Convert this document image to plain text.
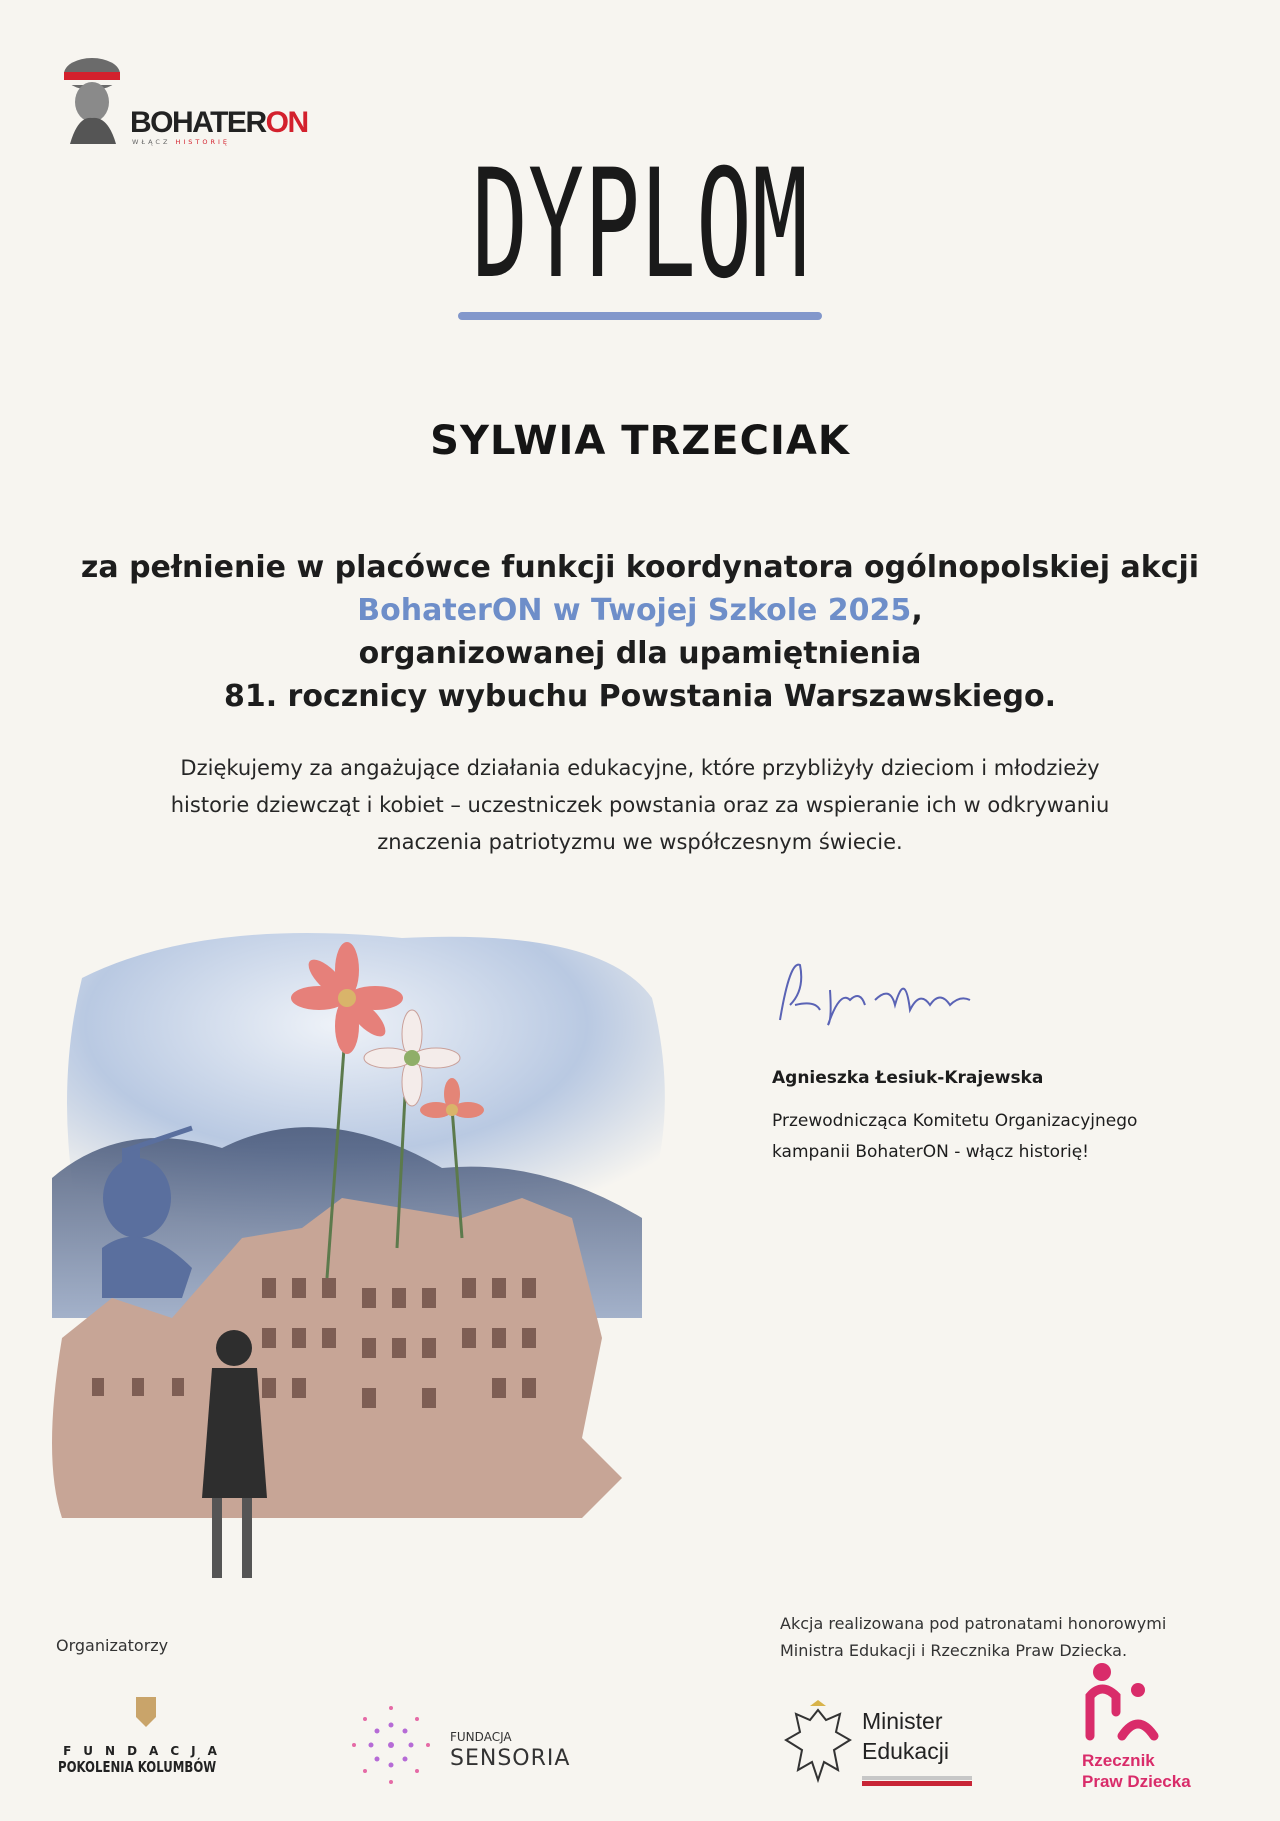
BOHATERON
WŁĄCZ HISTORIĘ	DYPLOM
SYLWIA TRZECIAK
za pełnienie w placówce funkcji koordynatora ogólnopolskiej akcji
BohaterON w Twojej Szkole 2025,
organizowanej dla upamiętnienia
81. rocznicy wybuchu Powstania Warszawskiego.
Dziękujemy za angażujące działania edukacyjne, które przybliżyły dzieciom i młodzieży
historie dziewcząt i kobiet – uczestniczek powstania oraz za wspieranie ich w odkrywaniu
znaczenia patriotyzmu we współczesnym świecie.
Agnieszka Łesiuk-Krajewska
Przewodnicząca Komitetu Organizacyjnego
kampanii BohaterON - włącz historię!
Organizatorzy
Akcja realizowana pod patronatami honorowymi
Ministra Edukacji i Rzecznika Praw Dziecka.
FUNDACJA
POKOLENIA KOLUMBÓW
FUNDACJA
SENSORIA
Minister
Edukacji	Rzecznik
Praw Dziecka
